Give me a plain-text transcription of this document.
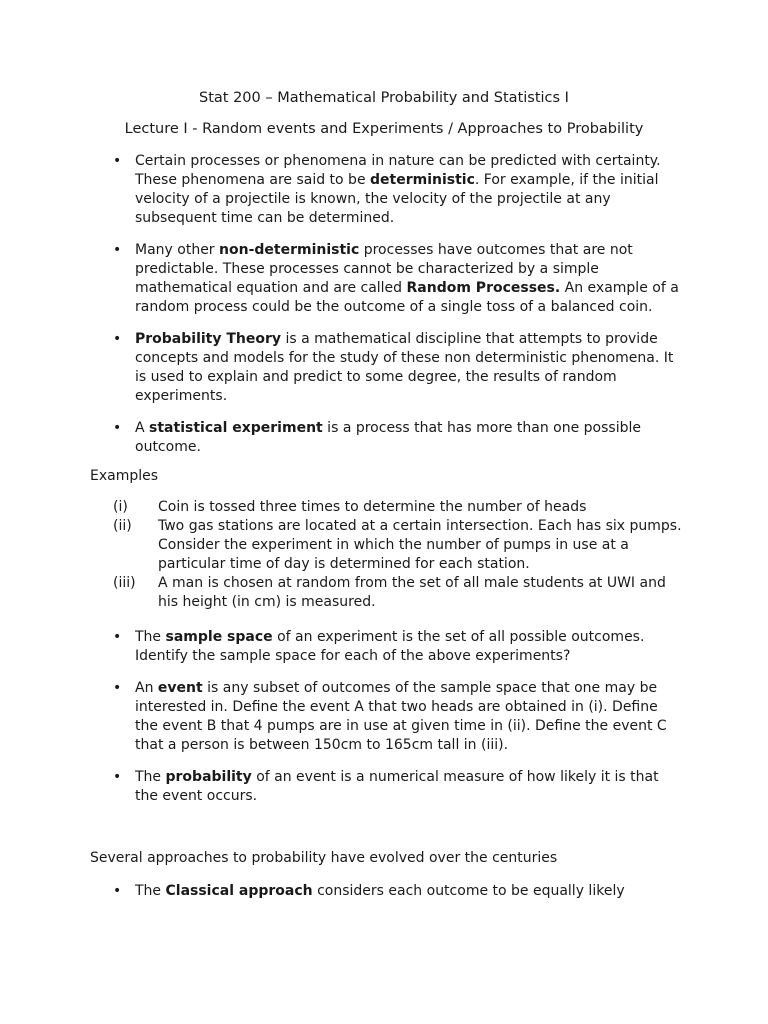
Stat 200 – Mathematical Probability and Statistics I
Lecture I - Random events and Experiments / Approaches to Probability
• Certain processes or phenomena in nature can be predicted with certainty. These phenomena are said to be deterministic. For example, if the initial velocity of a projectile is known, the velocity of the projectile at any subsequent time can be determined.
• Many other non-deterministic processes have outcomes that are not predictable. These processes cannot be characterized by a simple mathematical equation and are called Random Processes. An example of a random process could be the outcome of a single toss of a balanced coin.
• Probability Theory is a mathematical discipline that attempts to provide concepts and models for the study of these non deterministic phenomena. It is used to explain and predict to some degree, the results of random experiments.
• A statistical experiment is a process that has more than one possible outcome.

Examples

(i)	Coin is tossed three times to determine the number of heads
(ii)	Two gas stations are located at a certain intersection. Each has six pumps. Consider the experiment in which the number of pumps in use at a particular time of day is determined for each station.
(iii)	A man is chosen at random from the set of all male students at UWI and his height (in cm) is measured.
• The sample space of an experiment is the set of all possible outcomes. Identify the sample space for each of the above experiments?
• An event is any subset of outcomes of the sample space that one may be interested in. Define the event A that two heads are obtained in (i). Define the event B that 4 pumps are in use at given time in (ii). Define the event C that a person is between 150cm to 165cm tall in (iii).
• The probability of an event is a numerical measure of how likely it is that the event occurs.

Several approaches to probability have evolved over the centuries

• The Classical approach considers each outcome to be equally likely
